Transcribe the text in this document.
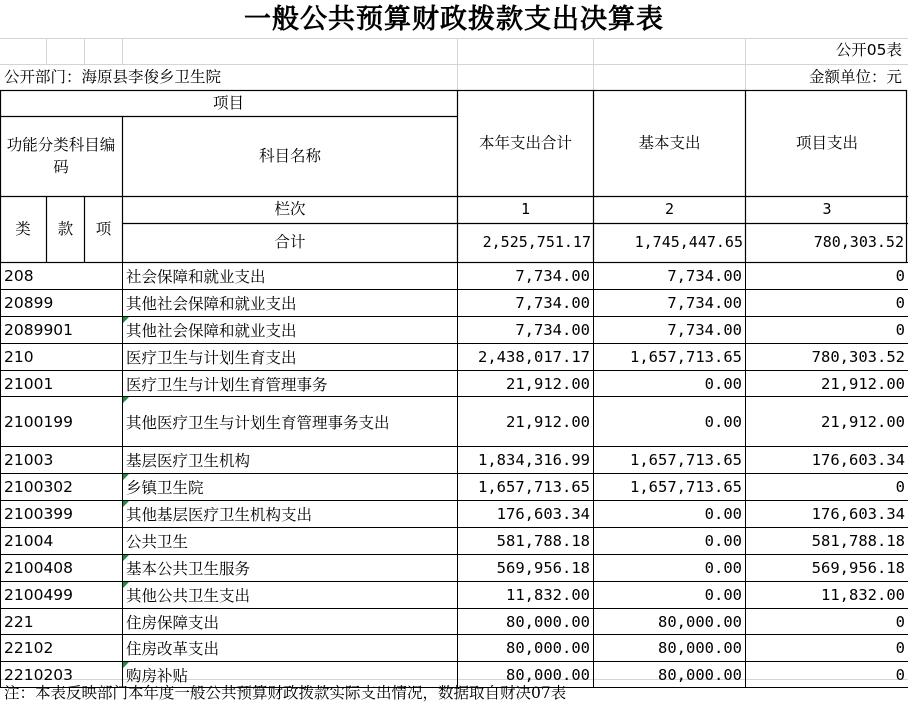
一般公共预算财政拨款支出决算表
公开05表
公开部门：海原县李俊乡卫生院	金额单位：元
项目
功能分类科目编码
科目名称
本年支出合计	基本支出	项目支出
类	款	项
栏次	1	2	3
合计	2,525,751.17	1,745,447.65	780,303.52
208	社会保障和就业支出	7,734.00	7,734.00	0
20899	其他社会保障和就业支出	7,734.00	7,734.00	0
2089901	其他社会保障和就业支出	7,734.00	7,734.00	0
210	医疗卫生与计划生育支出	2,438,017.17	1,657,713.65	780,303.52
21001	医疗卫生与计划生育管理事务	21,912.00	0.00	21,912.00
2100199	其他医疗卫生与计划生育管理事务支出	21,912.00	0.00	21,912.00
21003	基层医疗卫生机构	1,834,316.99	1,657,713.65	176,603.34
2100302	乡镇卫生院	1,657,713.65	1,657,713.65	0
2100399	其他基层医疗卫生机构支出	176,603.34	0.00	176,603.34
21004	公共卫生	581,788.18	0.00	581,788.18
2100408	基本公共卫生服务	569,956.18	0.00	569,956.18
2100499	其他公共卫生支出	11,832.00	0.00	11,832.00
221	住房保障支出	80,000.00	80,000.00	0
22102	住房改革支出	80,000.00	80,000.00	0
2210203	购房补贴	80,000.00	80,000.00	0
注：本表反映部门本年度一般公共预算财政拨款实际支出情况，数据取自财决07表
